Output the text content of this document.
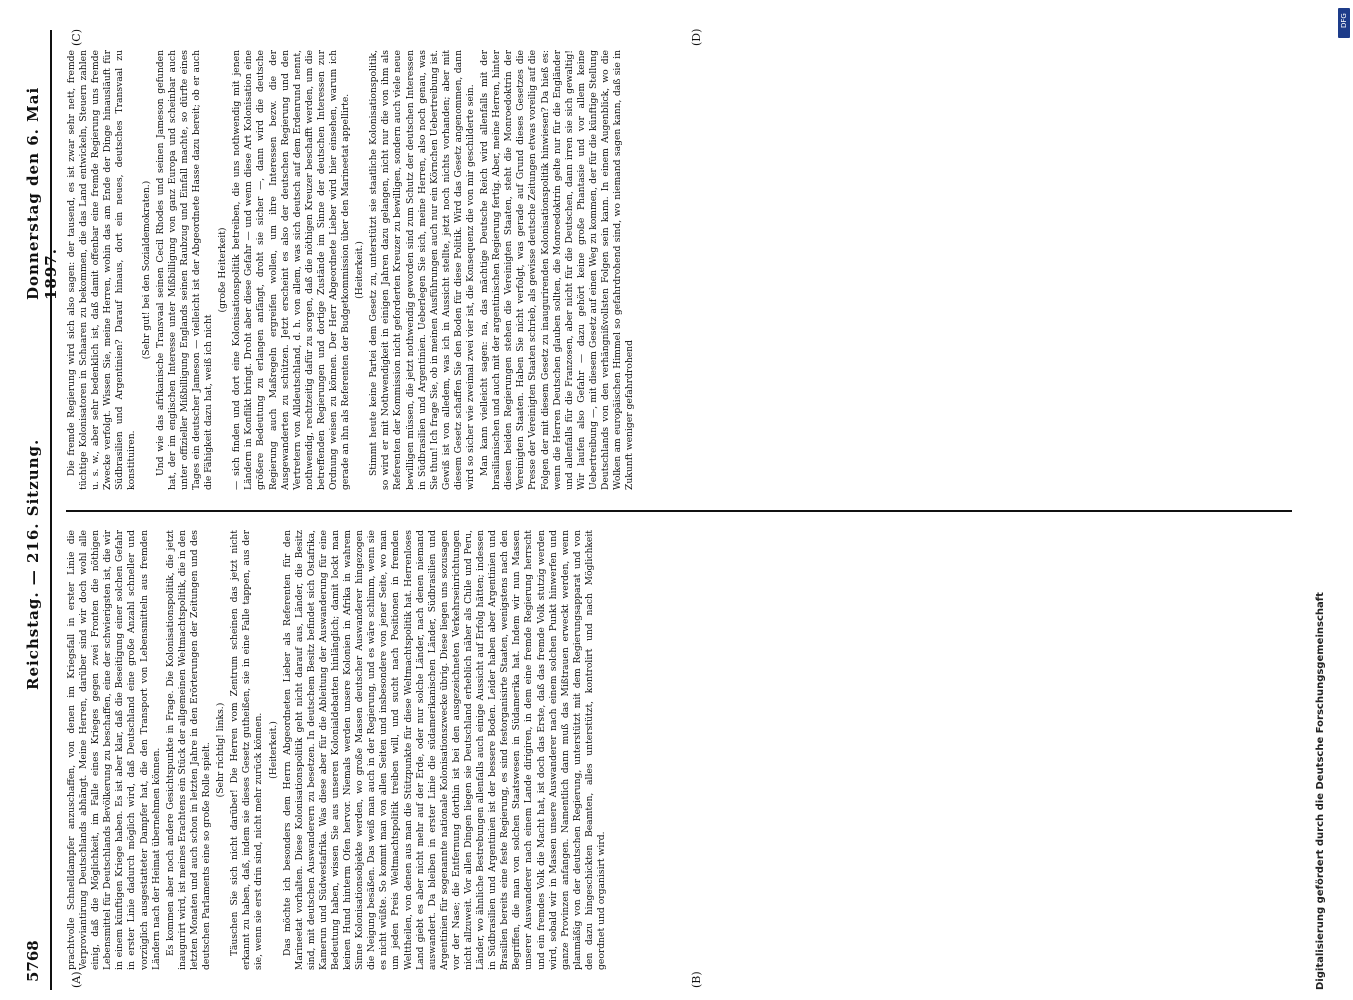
5768
Reichstag. — 216. Sitzung.
Donnerstag den 6. Mai 1897.
(A)	(B)
(C)	(D)

prachtvolle Schnelldampfer anzuschaffen, von denen im Kriegsfall in erster Linie die Verproviantirung Deutschlands abhängt. Meine Herren, darüber sind wir doch wohl alle einig, daß die Möglichkeit, im Falle eines Krieges gegen zwei Fronten die nöthigen Lebensmittel für Deutschlands Bevölkerung zu beschaffen, eine der schwierigsten ist, die wir in einem künftigen Kriege haben. Es ist aber klar, daß die Beseitigung einer solchen Gefahr in erster Linie dadurch möglich wird, daß Deutschland eine große Anzahl schneller und vorzüglich ausgestatteter Dampfer hat, die den Transport von Lebensmitteln aus fremden Ländern nach der Heimat übernehmen können. Es kommen aber noch andere Gesichtspunkte in Frage. Die Kolonisationspolitik, die jetzt inaugurirt wird, ist meines Erachtens ein Stück der allgemeinen Weltmachtspolitik, die in den letzten Monaten und auch schon in letzten Jahre in den Erörterungen der Zeitungen und des deutschen Parlaments eine so große Rolle spielt. (Sehr richtig! links.) Täuschen Sie sich nicht darüber! Die Herren vom Zentrum scheinen das jetzt nicht erkannt zu haben, daß, indem sie dieses Gesetz gutheißen, sie in eine Falle tappen, aus der sie, wenn sie erst drin sind, nicht mehr zurück können. (Heiterkeit.) Das möchte ich besonders dem Herrn Abgeordneten Lieber als Referenten für den Marineetat vorhalten. Diese Kolonisationspolitik geht nicht darauf aus, Länder, die Besitz sind, mit deutschen Auswanderern zu besetzen. In deutschem Besitz befindet sich Ostafrika, Kamerun und Südwestafrika. Was diese aber für die Ableitung der Auswanderung für eine Bedeutung haben, wissen Sie aus unseren Kolonialdebatten hinlänglich; damit lockt man keinen Hund hinterm Ofen hervor. Niemals werden unsere Kolonien in Afrika in wahrem Sinne Kolonisationsobjekte werden, wo große Massen deutscher Auswanderer hingezogen die Neigung besäßen. Das weiß man auch in der Regierung, und es wäre schlimm, wenn sie es nicht wüßte. So kommt man von allen Seiten und insbesondere von jener Seite, wo man um jeden Preis Weltmachtspolitik treiben will, und sucht nach Positionen in fremden Welttheilen, von denen aus man die Stützpunkte für diese Weltmachtspolitik hat. Herrenloses Land giebt es aber nicht mehr auf der Erde, oder nur solche Länder, nach denen niemand auswandert. Da bleiben in erster Linie die südamerikanischen Länder, Südbrasilien und Argentinien für sogenannte nationale Kolonisationszwecke übrig. Diese liegen uns sozusagen vor der Nase; die Entfernung dorthin ist bei den ausgezeichneten Verkehrseinrichtungen nicht allzuweit. Vor allen Dingen liegen sie Deutschland erheblich näher als Chile und Peru, Länder, wo ähnliche Bestrebungen allenfalls auch einige Aussicht auf Erfolg hätten; indessen in Südbrasilien und Argentinien ist der bessere Boden. Leider haben aber Argentinien und Brasilien bereits eine feste Regierung, es sind festorganisirte Staaten, wenigstens nach den Begriffen, die man von solchen Staatswesen in Südamerika hat. Indem wir nun Massen unserer Auswanderer nach einem Lande dirigiren, in dem eine fremde Regierung herrscht und ein fremdes Volk die Macht hat, ist doch das Erste, daß das fremde Volk stutzig werden wird, sobald wir in Massen unsere Auswanderer nach einem solchen Punkt hinwerfen und ganze Provinzen anfangen. Namentlich dann muß das Mißtrauen erweckt werden, wenn planmäßig von der deutschen Regierung, unterstützt mit dem Regierungsapparat und von den dazu hingeschickten Beamten, alles unterstützt, kontrolirt und nach Möglichkeit geordnet und organisirt wird.

Die fremde Regierung wird sich also sagen: der tausend, es ist zwar sehr nett, fremde tüchtige Kolonisatoren in Schaaren zu bekommen, die das Land entwickeln, Steuern zahlen u. s. w., aber sehr bedenklich ist, daß damit offenbar eine fremde Regierung uns fremde Zwecke verfolgt. Wissen Sie, meine Herren, wohin das am Ende der Dinge hinausläuft für Südbrasilien und Argentinien? Darauf hinaus, dort ein neues, deutsches Transvaal zu konstituiren.

(Sehr gut! bei den Sozialdemokraten.) Und wie das afrikanische Transvaal seinen Cecil Rhodes und seinen Jameson gefunden hat, der im englischen Interesse unter Mißbilligung von ganz Europa und scheinbar auch unter offizieller Mißbilligung Englands seinen Raubzug und Einfall machte, so dürfte eines Tages ein deutscher Jameson — vielleicht ist der Abgeordnete Hasse dazu bereit; ob er auch die Fähigkeit dazu hat, weiß ich nicht

(große Heiterkeit) — sich finden und dort eine Kolonisationspolitik betreiben, die uns nothwendig mit jenen Ländern in Konflikt bringt. Droht aber diese Gefahr — und wenn diese Art Kolonisation eine größere Bedeutung zu erlangen anfängt, droht sie sicher —, dann wird die deutsche Regierung auch Maßregeln ergreifen wollen, um ihre Interessen bezw. die der Ausgewanderten zu schützen. Jetzt erscheint es also der deutschen Regierung und den Vertretern von Alldeutschland, d. h. von allem, was sich deutsch auf dem Erdenrund nennt, nothwendig, rechtzeitig dafür zu sorgen, daß die nöthigen Kreuzer beschafft werden, um die betreffenden Regierungen und dortige Zustände im Sinne der deutschen Interessen zur Ordnung weisen zu können. Der Herr Abgeordnete Lieber wird hier einsehen, warum ich gerade an ihn als Referenten der Budgetkommission über den Marineetat appellirte. (Heiterkeit.) Stimmt heute keine Partei dem Gesetz zu, unterstützt sie staatliche Kolonisationspolitik, so wird er mit Nothwendigkeit in einigen Jahren dazu gelangen, nicht nur die von ihm als Referenten der Kommission nicht geforderten Kreuzer zu bewilligen, sondern auch viele neue bewilligen müssen, die jetzt nothwendig geworden sind zum Schutz der deutschen Interessen in Südbrasilien und Argentinien. Ueberlegen Sie sich, meine Herren, also noch genau, was Sie thun! Ich frage Sie, ob in meinen Ausführungen auch nur ein Körnchen Uebertreibung ist. Gewiß ist von alledem, was ich in Aussicht stellte, jetzt noch nichts vorhanden; aber mit diesem Gesetz schaffen Sie den Boden für diese Politik. Wird das Gesetz angenommen, dann wird so sicher wie zweimal zwei vier ist, die Konsequenz die von mir geschilderte sein. Man kann vielleicht sagen: na, das mächtige Deutsche Reich wird allenfalls mit der brasilianischen und auch mit der argentinischen Regierung fertig. Aber, meine Herren, hinter diesen beiden Regierungen stehen die Vereinigten Staaten, steht die Monroedoktrin der Vereinigten Staaten. Haben Sie nicht verfolgt, was gerade auf Grund dieses Gesetzes die Presse der Vereinigten Staaten schrieb, als gewisse deutsche Zeitungen etwas voreilig auf die Folgen der mit diesem Gesetz zu inaugurirenden Kolonisationspolitik hinwiesen? Da hieß es: wenn die Herren Deutschen glauben sollten, die Monroedoktrin gelte nur für die Engländer und allenfalls für die Franzosen, aber nicht für die Deutschen, dann irren sie sich gewaltig! Wir laufen also Gefahr — dazu gehört keine große Phantasie und vor allem keine Uebertreibung —, mit diesem Gesetz auf einen Weg zu kommen, der für die künftige Stellung Deutschlands von den verhängnißvollsten Folgen sein kann. In einem Augenblick, wo die Wolken am europäischen Himmel so gefahrdrohend sind, wo niemand sagen kann, daß sie in Zukunft weniger gefahrdrohend

Digitalisierung gefördert durch die Deutsche Forschungsgemeinschaft
DFG
